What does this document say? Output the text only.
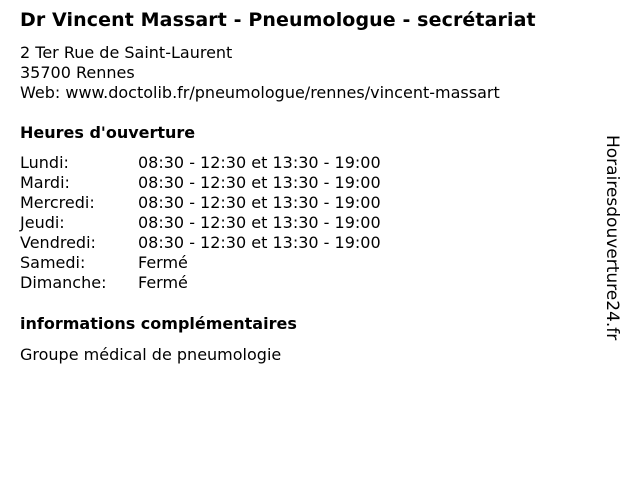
Dr Vincent Massart - Pneumologue - secrétariat
2 Ter Rue de Saint-Laurent
35700 Rennes
Web: www.doctolib.fr/pneumologue/rennes/vincent-massart
Heures d'ouverture
Lundi:	08:30 - 12:30 et 13:30 - 19:00
Mardi:	08:30 - 12:30 et 13:30 - 19:00
Mercredi:	08:30 - 12:30 et 13:30 - 19:00
Jeudi:	08:30 - 12:30 et 13:30 - 19:00
Vendredi:	08:30 - 12:30 et 13:30 - 19:00
Samedi:	Fermé
Dimanche:	Fermé
informations complémentaires
Groupe médical de pneumologie
Horairesdouverture24.fr
